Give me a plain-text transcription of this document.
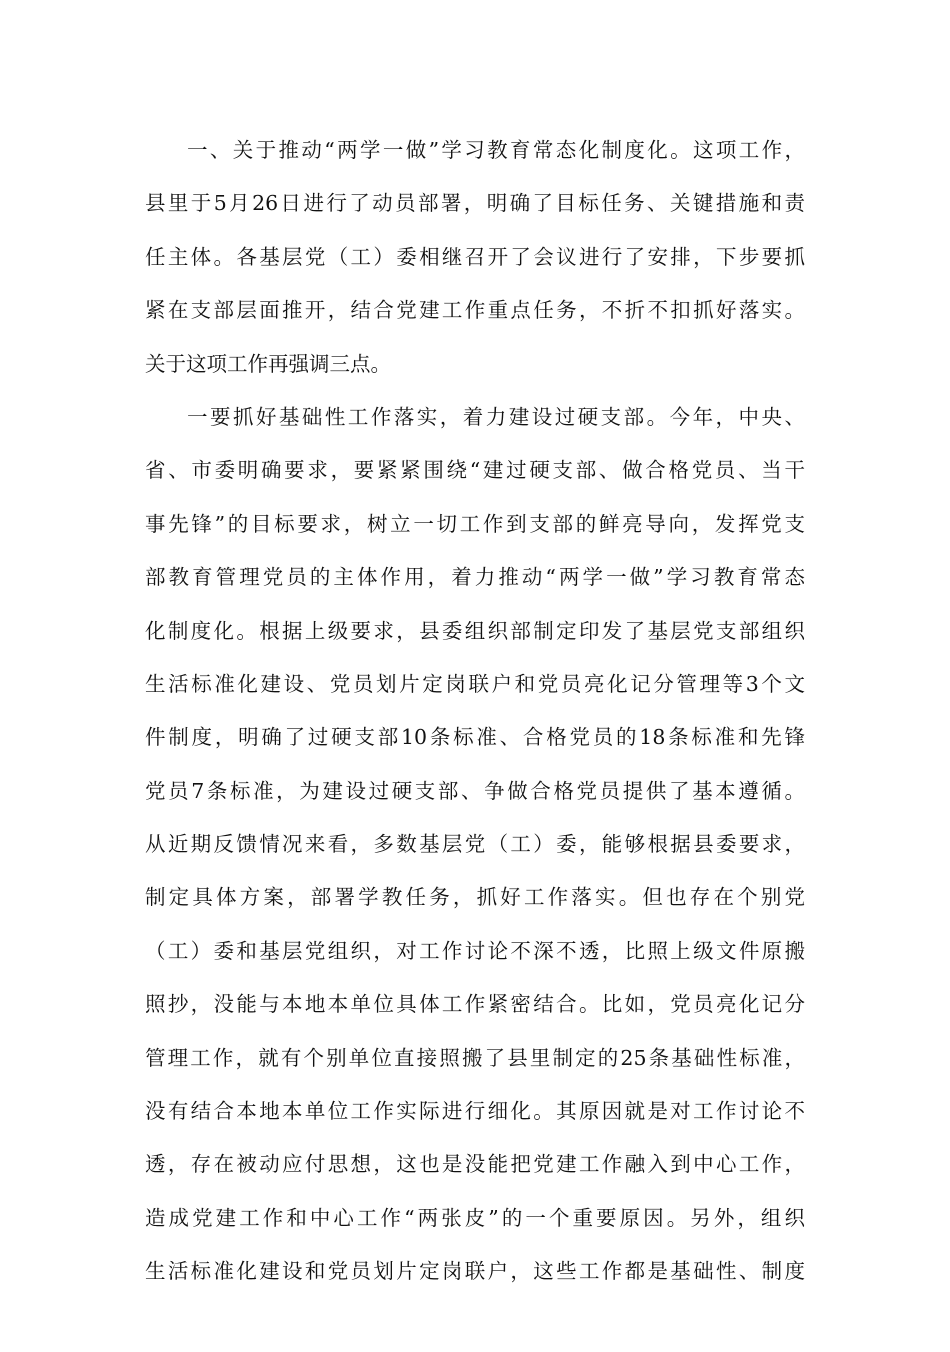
一、关于推动“两学一做”学习教育常态化制度化。这项工作，
县里于5月26日进行了动员部署，明确了目标任务、关键措施和责
任主体。各基层党（工）委相继召开了会议进行了安排，下步要抓
紧在支部层面推开，结合党建工作重点任务，不折不扣抓好落实。
关于这项工作再强调三点。
一要抓好基础性工作落实，着力建设过硬支部。今年，中央、
省、市委明确要求，要紧紧围绕“建过硬支部、做合格党员、当干
事先锋”的目标要求，树立一切工作到支部的鲜亮导向，发挥党支
部教育管理党员的主体作用，着力推动“两学一做”学习教育常态
化制度化。根据上级要求，县委组织部制定印发了基层党支部组织
生活标准化建设、党员划片定岗联户和党员亮化记分管理等3个文
件制度，明确了过硬支部10条标准、合格党员的18条标准和先锋
党员7条标准，为建设过硬支部、争做合格党员提供了基本遵循。
从近期反馈情况来看，多数基层党（工）委，能够根据县委要求，
制定具体方案，部署学教任务，抓好工作落实。但也存在个别党
（工）委和基层党组织，对工作讨论不深不透，比照上级文件原搬
照抄，没能与本地本单位具体工作紧密结合。比如，党员亮化记分
管理工作，就有个别单位直接照搬了县里制定的25条基础性标准，
没有结合本地本单位工作实际进行细化。其原因就是对工作讨论不
透，存在被动应付思想，这也是没能把党建工作融入到中心工作，
造成党建工作和中心工作“两张皮”的一个重要原因。另外，组织
生活标准化建设和党员划片定岗联户，这些工作都是基础性、制度
